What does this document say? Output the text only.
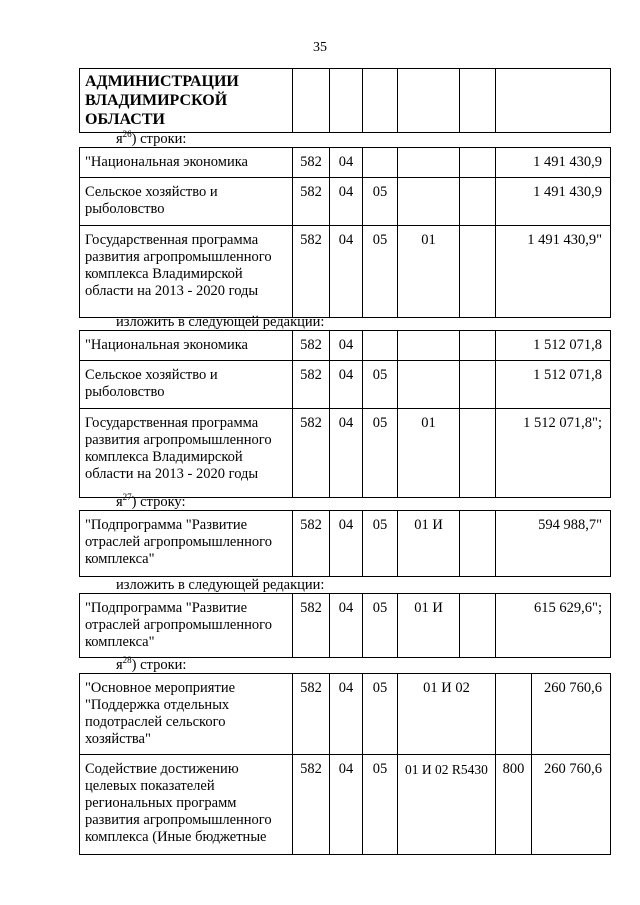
35
АДМИНИСТРАЦИИ ВЛАДИМИРСКОЙ ОБЛАСТИ						
$я^{26}$) строки:
"Национальная экономика	582	04				1 491 430,9
Сельское хозяйство и рыболовство	582	04	05			1 491 430,9
Государственная программа развития агропромышленного комплекса Владимирской области на 2013 - 2020 годы	582	04	05	01		1 491 430,9"
изложить в следующей редакции:
"Национальная экономика	582	04				1 512 071,8
Сельское хозяйство и рыболовство	582	04	05			1 512 071,8
Государственная программа развития агропромышленного комплекса Владимирской области на 2013 - 2020 годы	582	04	05	01		1 512 071,8";
$я^{27}$) строку:
"Подпрограмма "Развитие отраслей агропромышленного комплекса"	582	04	05	01 И		594 988,7"
изложить в следующей редакции:
"Подпрограмма "Развитие отраслей агропромышленного комплекса"	582	04	05	01 И		615 629,6";
$я^{28}$) строки:
"Основное мероприятие "Поддержка отдельных подотраслей сельского хозяйства"	582	04	05	01 И 02		260 760,6
Содействие достижению целевых показателей региональных программ развития агропромышленного комплекса (Иные бюджетные	582	04	05	01 И 02 R5430	800	260 760,6
